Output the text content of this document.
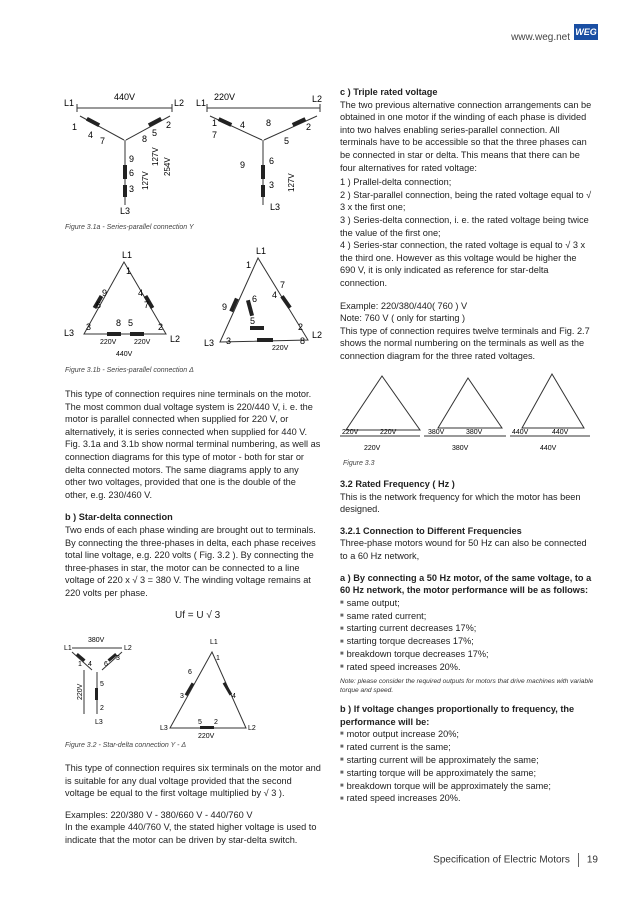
www.weg.net WEG
440V
L1	L2
L3
1
4
7	8
5
2
9
6
3
220V
L1	L2
L3
1
7
4 8
5
2
9	6
3
127V
127V
254V
127V
Figure 3.1a - Series-parallel connection Y
L1
L3
L2
1
9	4
6	7
3	8 5	2
L1
L3
L2
1
7
4
9
6
5
2
3	8
220V	220V
440V
220V
Figure 3.1b - Series-parallel connection Δ

This type of connection requires nine terminals on the motor. The most common dual voltage system is 220/440 V, i. e. the motor is parallel connected when supplied for 220 V, or alternatively, it is series connected when supplied for 440 V. Fig. 3.1a and 3.1b show normal terminal numbering, as well as connection diagrams for this type of motor - both for star or delta connected motors. The same diagrams apply to any other two voltages, provided that one is the double of the other, e.g. 230/460 V.

b ) Star-delta connection

Two ends of each phase winding are brought out to terminals. By connecting the three-phases in delta, each phase receives total line voltage, e.g. 220 volts ( Fig. 3.2 ). By connecting the three-phases in star, the motor can be connected to a line voltage of 220 x √ 3 = 380 V. The winding voltage remains at 220 volts per phase.

Uf = U √ 3
380V
220V
220V
L1	L2
L3
1 4 6
3
5
2
L1
L3	L2
1
6
3	4
5 2
Figure 3.2 - Star-delta connection Y - Δ

This type of connection requires six terminals on the motor and is suitable for any dual voltage provided that the second voltage be equal to the first voltage multiplied by √ 3 ).

Examples: 220/380 V - 380/660 V - 440/760 V

In the example 440/760 V, the stated higher voltage is used to indicate that the motor can be driven by star-delta switch.

c ) Triple rated voltage

The two previous alternative connection arrangements can be obtained in one motor if the winding of each phase is divided into two halves enabling series-parallel connection. All terminals have to be accessible so that the three phases can be connected in star or delta. This means that there can be four alternatives for rated voltage:

1 ) Prallel-delta connection;
2 ) Star-parallel connection, being the rated voltage equal to √ 3 x the first one;
3 ) Series-delta connection, i. e. the rated voltage being twice the value of the first one;
4 ) Series-star connection, the rated voltage is equal to √ 3 x the third one. However as this voltage would be higher the 690 V, it is only indicated as reference for star-delta connection.

Example: 220/380/440( 760 ) V

Note: 760 V ( only for starting )

This type of connection requires twelve terminals and Fig. 2.7 shows the normal numbering on the terminals as well as the connection diagram for the three rated voltages.

220V	220V
220V
380V	380V
380V
440V	440V
440V
Figure 3.3
3.2 Rated Frequency ( Hz )

This is the network frequency for which the motor has been designed.

3.2.1 Connection to Different Frequencies

Three-phase motors wound for 50 Hz can also be connected to a 60 Hz network,

a ) By connecting a 50 Hz motor, of the same voltage, to a 60 Hz network, the motor performance will be as follows:
■ same output;
■ same rated current;
■ starting current decreases 17%;
■ starting torque decreases 17%;
■ breakdown torque decreases 17%;
■ rated speed increases 20%.

Note: please consider the required outputs for motors that drive machines with variable torque and speed.

b ) If voltage changes proportionally to frequency, the performance will be:
■ motor output increase 20%;
■ rated current is the same;
■ starting current will be approximately the same;
■ starting torque will be approximately the same;
■ breakdown torque will be approximately the same;
■ rated speed increases 20%.
Specification of Electric Motors 19
